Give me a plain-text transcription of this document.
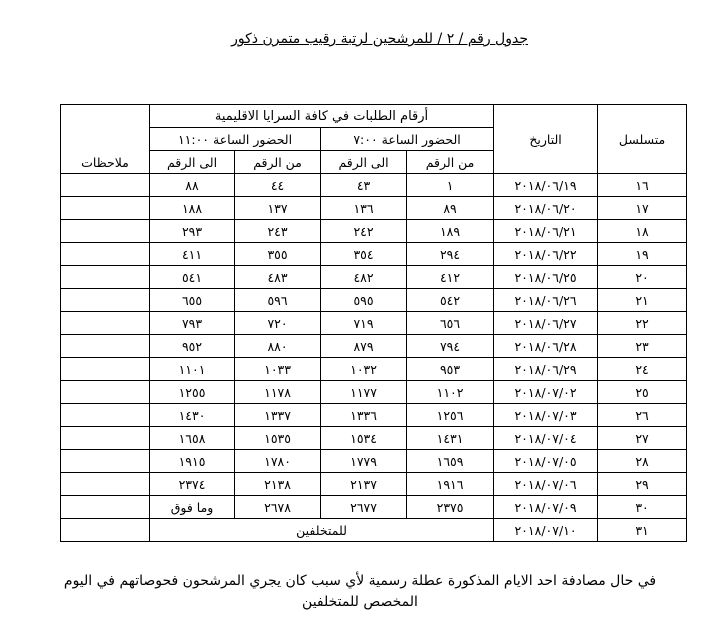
جدول رقم / ٢ / للمرشحين لرتبة رقيب متمرن ذكور
متسلسل	التاريخ	أرقام الطلبات في كافة السرايا الاقليمية				ملاحظات
		الحضور الساعة ٧:٠٠		الحضور الساعة ١١:٠٠		
		من الرقم	الى الرقم	من الرقم	الى الرقم	
١٦	٢٠١٨/٠٦/١٩	١	٤٣	٤٤	٨٨	
١٧	٢٠١٨/٠٦/٢٠	٨٩	١٣٦	١٣٧	١٨٨	
١٨	٢٠١٨/٠٦/٢١	١٨٩	٢٤٢	٢٤٣	٢٩٣	
١٩	٢٠١٨/٠٦/٢٢	٢٩٤	٣٥٤	٣٥٥	٤١١	
٢٠	٢٠١٨/٠٦/٢٥	٤١٢	٤٨٢	٤٨٣	٥٤١	
٢١	٢٠١٨/٠٦/٢٦	٥٤٢	٥٩٥	٥٩٦	٦٥٥	
٢٢	٢٠١٨/٠٦/٢٧	٦٥٦	٧١٩	٧٢٠	٧٩٣	
٢٣	٢٠١٨/٠٦/٢٨	٧٩٤	٨٧٩	٨٨٠	٩٥٢	
٢٤	٢٠١٨/٠٦/٢٩	٩٥٣	١٠٣٢	١٠٣٣	١١٠١	
٢٥	٢٠١٨/٠٧/٠٢	١١٠٢	١١٧٧	١١٧٨	١٢٥٥	
٢٦	٢٠١٨/٠٧/٠٣	١٢٥٦	١٣٣٦	١٣٣٧	١٤٣٠	
٢٧	٢٠١٨/٠٧/٠٤	١٤٣١	١٥٣٤	١٥٣٥	١٦٥٨	
٢٨	٢٠١٨/٠٧/٠٥	١٦٥٩	١٧٧٩	١٧٨٠	١٩١٥	
٢٩	٢٠١٨/٠٧/٠٦	١٩١٦	٢١٣٧	٢١٣٨	٢٣٧٤	
٣٠	٢٠١٨/٠٧/٠٩	٢٣٧٥	٢٦٧٧	٢٦٧٨	وما فوق	
٣١	٢٠١٨/٠٧/١٠	للمتخلفين				
في حال مصادفة احد الايام المذكورة عطلة رسمية لأي سبب كان يجري المرشحون فحوصاتهم في اليوم
المخصص للمتخلفين
